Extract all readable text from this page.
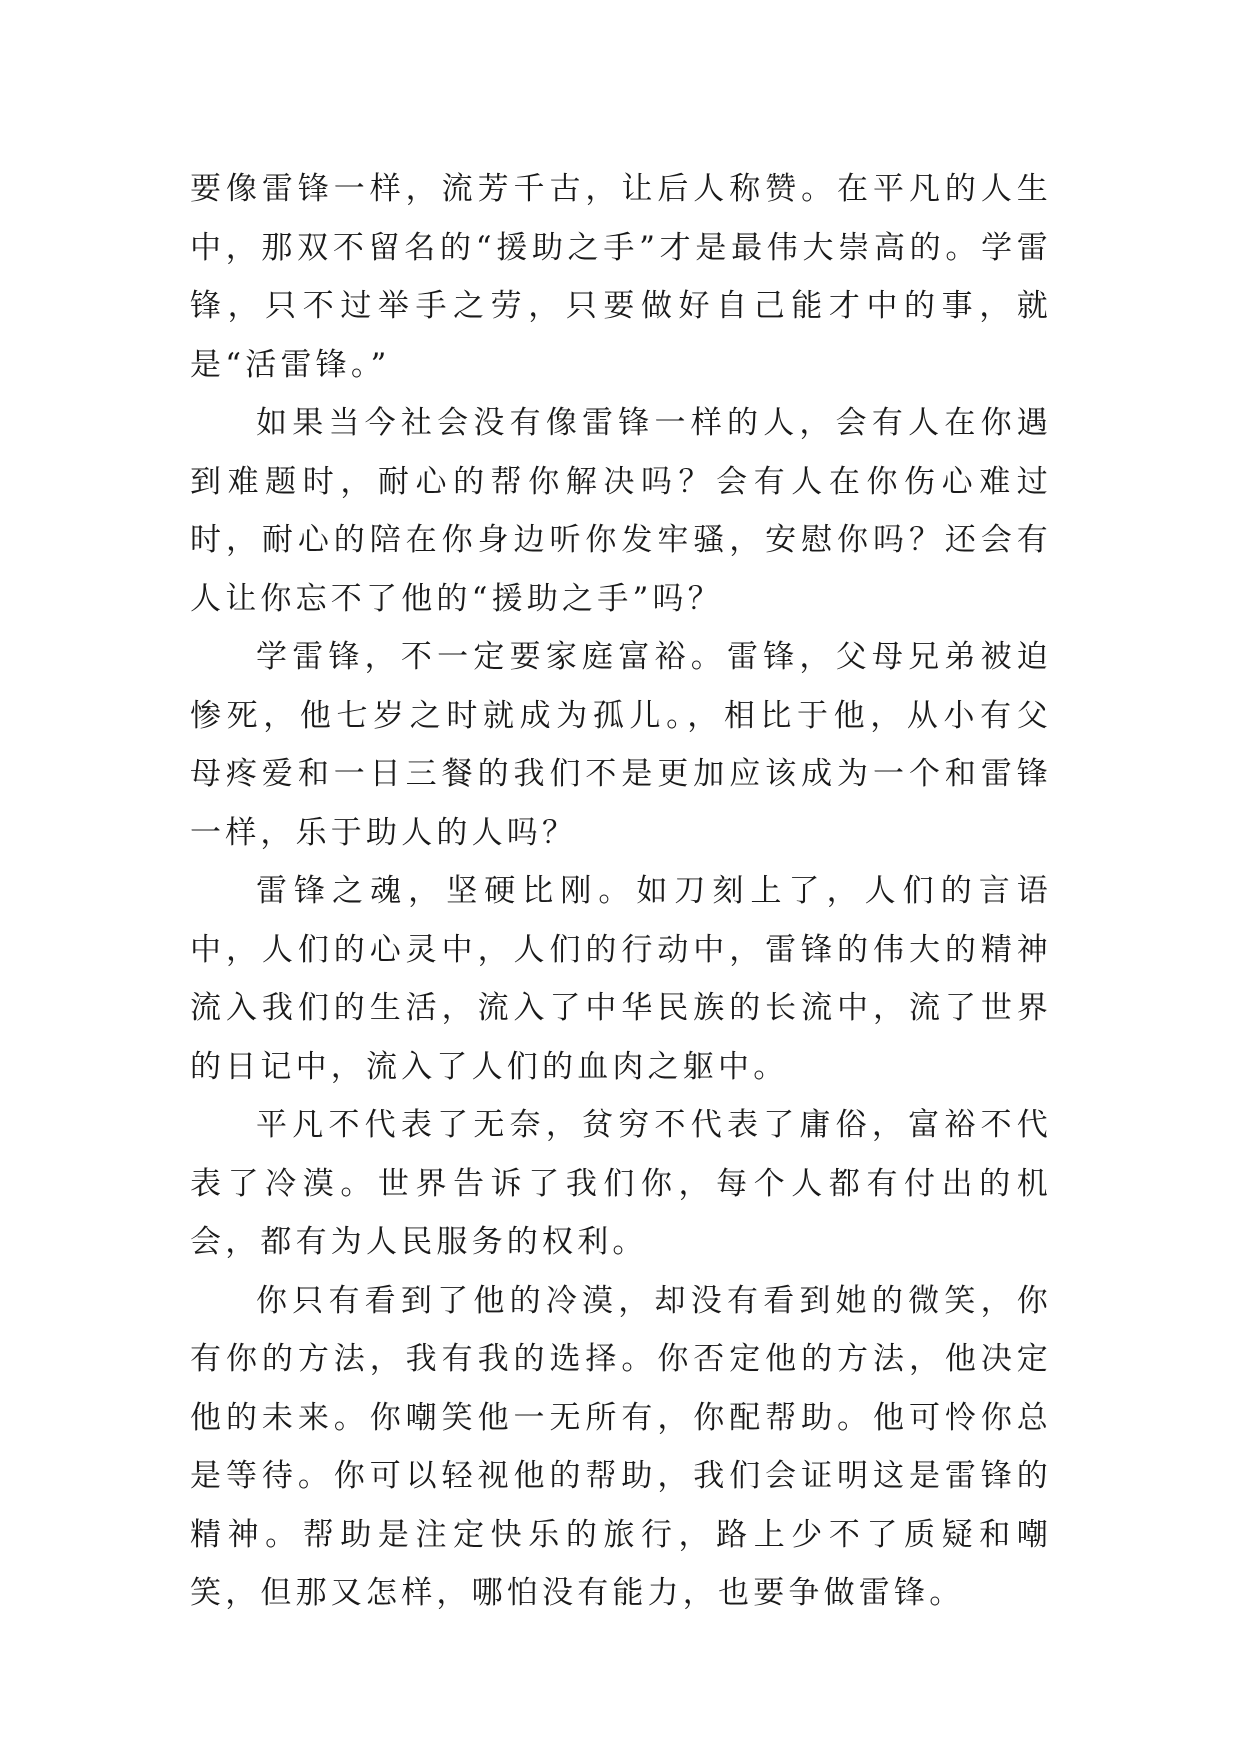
要像雷锋一样，流芳千古，让后人称赞。在平凡的人生中，那双不留名的“援助之手”才是最伟大崇高的。学雷锋，只不过举手之劳，只要做好自己能才中的事，就是“活雷锋。”

如果当今社会没有像雷锋一样的人，会有人在你遇到难题时，耐心的帮你解决吗？会有人在你伤心难过时，耐心的陪在你身边听你发牢骚，安慰你吗？还会有人让你忘不了他的“援助之手”吗？

学雷锋，不一定要家庭富裕。雷锋，父母兄弟被迫惨死，他七岁之时就成为孤儿。，相比于他，从小有父母疼爱和一日三餐的我们不是更加应该成为一个和雷锋一样，乐于助人的人吗？

雷锋之魂，坚硬比刚。如刀刻上了，人们的言语中，人们的心灵中，人们的行动中，雷锋的伟大的精神流入我们的生活，流入了中华民族的长流中，流了世界的日记中，流入了人们的血肉之躯中。

平凡不代表了无奈，贫穷不代表了庸俗，富裕不代表了冷漠。世界告诉了我们你，每个人都有付出的机会，都有为人民服务的权利。

你只有看到了他的冷漠，却没有看到她的微笑，你有你的方法，我有我的选择。你否定他的方法，他决定他的未来。你嘲笑他一无所有，你配帮助。他可怜你总是等待。你可以轻视他的帮助，我们会证明这是雷锋的精神。帮助是注定快乐的旅行，路上少不了质疑和嘲笑，但那又怎样，哪怕没有能力，也要争做雷锋。
